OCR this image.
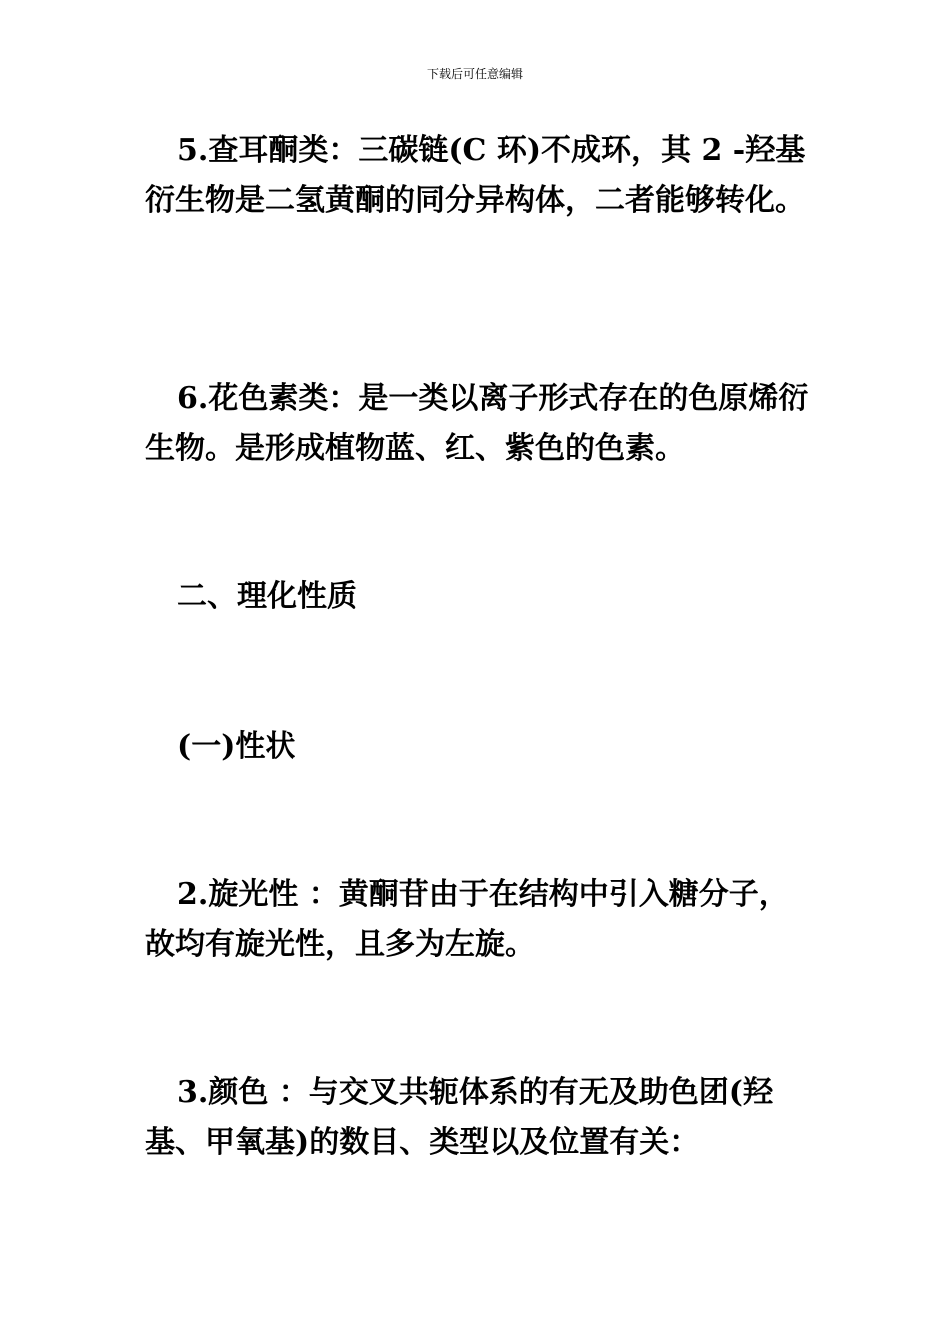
下载后可任意编辑

5.查耳酮类：三碳链(C 环)不成环，其 2 -羟基衍生物是二氢黄酮的同分异构体，二者能够转化。

6.花色素类：是一类以离子形式存在的色原烯衍生物。是形成植物蓝、红、紫色的色素。

二、理化性质

(一)性状

2.旋光性 ：黄酮苷由于在结构中引入糖分子，故均有旋光性，且多为左旋。

3.颜色 ：与交叉共轭体系的有无及助色团(羟基、甲氧基)的数目、类型以及位置有关：
